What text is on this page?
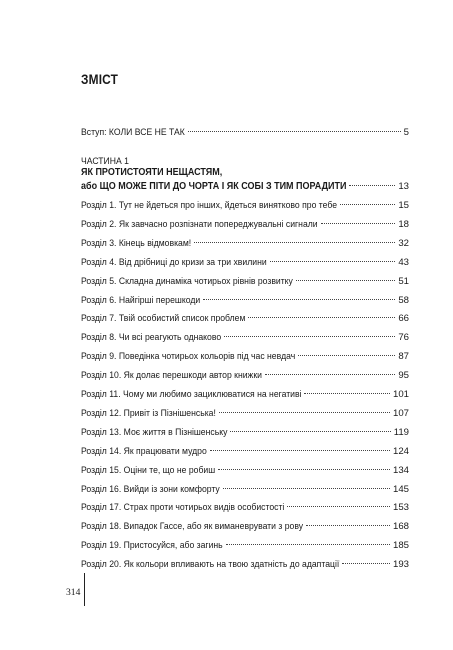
ЗМІСТ
Вступ: КОЛИ ВСЕ НЕ ТАК	5
ЧАСТИНА 1
ЯК ПРОТИСТОЯТИ НЕЩАСТЯМ,
або ЩО МОЖЕ ПІТИ ДО ЧОРТА І ЯК СОБІ З ТИМ ПОРАДИТИ	13
Розділ 1. Тут не йдеться про інших, йдеться винятково про тебе	15
Розділ 2. Як завчасно розпізнати попереджувальні сигнали	18
Розділ 3. Кінець відмовкам!	32
Розділ 4. Від дрібниці до кризи за три хвилини	43
Розділ 5. Складна динаміка чотирьох рівнів розвитку	51
Розділ 6. Найгірші перешкоди	58
Розділ 7. Твій особистий список проблем	66
Розділ 8. Чи всі реагують однаково	76
Розділ 9. Поведінка чотирьох кольорів під час невдач	87
Розділ 10. Як долає перешкоди автор книжки	95
Розділ 11. Чому ми любимо зациклюватися на негативі	101
Розділ 12. Привіт із Пізнішенська!	107
Розділ 13. Моє життя в Пізнішенську	119
Розділ 14. Як працювати мудро	124
Розділ 15. Оціни те, що не робиш	134
Розділ 16. Вийди із зони комфорту	145
Розділ 17. Страх проти чотирьох видів особистості	153
Розділ 18. Випадок Гассе, або як виманеврувати з рову	168
Розділ 19. Пристосуйся, або загинь	185
Розділ 20. Як кольори впливають на твою здатність до адаптації	193
314
